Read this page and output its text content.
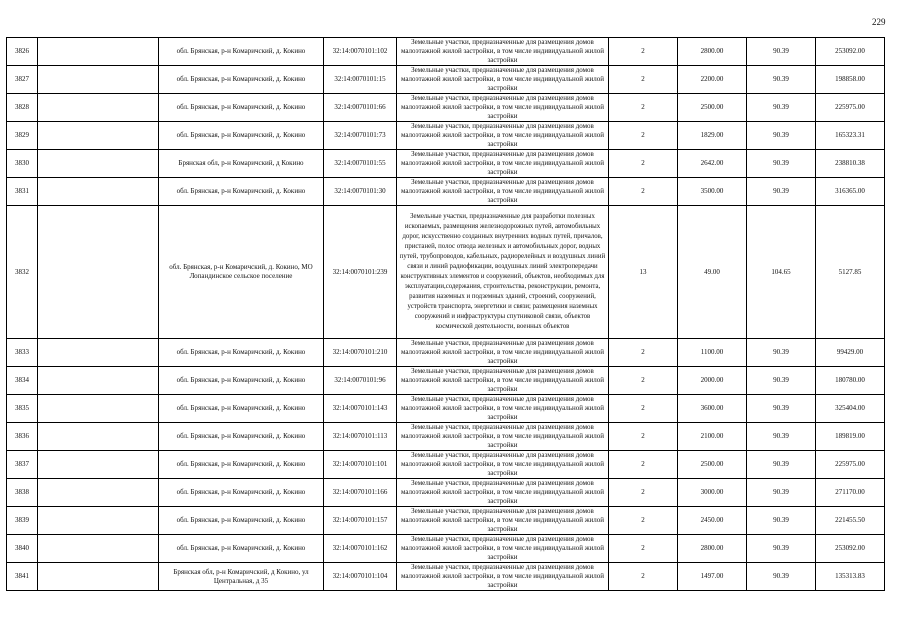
229
3826		обл. Брянская, р-н Комаричский, д. Кокино	32:14:0070101:102	Земельные участки, предназначенные для размещения домов малоэтажной жилой застройки, в том числе индивидуальной жилой застройки	2	2800.00	90.39	253092.00
3827		обл. Брянская, р-н Комаричский, д. Кокино	32:14:0070101:15	Земельные участки, предназначенные для размещения домов малоэтажной жилой застройки, в том числе индивидуальной жилой застройки	2	2200.00	90.39	198858.00
3828		обл. Брянская, р-н Комаричский, д. Кокино	32:14:0070101:66	Земельные участки, предназначенные для размещения домов малоэтажной жилой застройки, в том числе индивидуальной жилой застройки	2	2500.00	90.39	225975.00
3829		обл. Брянская, р-н Комаричский, д. Кокино	32:14:0070101:73	Земельные участки, предназначенные для размещения домов малоэтажной жилой застройки, в том числе индивидуальной жилой застройки	2	1829.00	90.39	165323.31
3830		Брянская обл, р-н Комаричский, д Кокино	32:14:0070101:55	Земельные участки, предназначенные для размещения домов малоэтажной жилой застройки, в том числе индивидуальной жилой застройки	2	2642.00	90.39	238810.38
3831		обл. Брянская, р-н Комаричский, д. Кокино	32:14:0070101:30	Земельные участки, предназначенные для размещения домов малоэтажной жилой застройки, в том числе индивидуальной жилой застройки	2	3500.00	90.39	316365.00
3832		обл. Брянская, р-н Комаричский, д. Кокино, МО Лопандинское сельское поселение	32:14:0070101:239	Земельные участки, предназначенные для разработки полезных ископаемых, размещения железнодорожных путей, автомобильных дорог, искусственно созданных внутренних водных путей, причалов, пристаней, полос отвода железных и автомобильных дорог, водных путей, трубопроводов, кабельных, радиорелейных и воздушных линий связи и линий радиофикации, воздушных линий электропередачи конструктивных элементов и сооружений, объектов, необходимых для эксплуатации,содержания, строительства, реконструкции, ремонта, развития наземных и подземных зданий, строений, сооружений, устройств транспорта, энергетики и связи; размещения наземных сооружений и инфраструктуры спутниковой связи, объектов космической деятельности, военных объектов	13	49.00	104.65	5127.85
3833		обл. Брянская, р-н Комаричский, д. Кокино	32:14:0070101:210	Земельные участки, предназначенные для размещения домов малоэтажной жилой застройки, в том числе индивидуальной жилой застройки	2	1100.00	90.39	99429.00
3834		обл. Брянская, р-н Комаричский, д. Кокино	32:14:0070101:96	Земельные участки, предназначенные для размещения домов малоэтажной жилой застройки, в том числе индивидуальной жилой застройки	2	2000.00	90.39	180780.00
3835		обл. Брянская, р-н Комаричский, д. Кокино	32:14:0070101:143	Земельные участки, предназначенные для размещения домов малоэтажной жилой застройки, в том числе индивидуальной жилой застройки	2	3600.00	90.39	325404.00
3836		обл. Брянская, р-н Комаричский, д. Кокино	32:14:0070101:113	Земельные участки, предназначенные для размещения домов малоэтажной жилой застройки, в том числе индивидуальной жилой застройки	2	2100.00	90.39	189819.00
3837		обл. Брянская, р-н Комаричский, д. Кокино	32:14:0070101:101	Земельные участки, предназначенные для размещения домов малоэтажной жилой застройки, в том числе индивидуальной жилой застройки	2	2500.00	90.39	225975.00
3838		обл. Брянская, р-н Комаричский, д. Кокино	32:14:0070101:166	Земельные участки, предназначенные для размещения домов малоэтажной жилой застройки, в том числе индивидуальной жилой застройки	2	3000.00	90.39	271170.00
3839		обл. Брянская, р-н Комаричский, д. Кокино	32:14:0070101:157	Земельные участки, предназначенные для размещения домов малоэтажной жилой застройки, в том числе индивидуальной жилой застройки	2	2450.00	90.39	221455.50
3840		обл. Брянская, р-н Комаричский, д. Кокино	32:14:0070101:162	Земельные участки, предназначенные для размещения домов малоэтажной жилой застройки, в том числе индивидуальной жилой застройки	2	2800.00	90.39	253092.00
3841		Брянская обл, р-н Комаричский, д Кокино, ул Центральная, д 35	32:14:0070101:104	Земельные участки, предназначенные для размещения домов малоэтажной жилой застройки, в том числе индивидуальной жилой застройки	2	1497.00	90.39	135313.83
